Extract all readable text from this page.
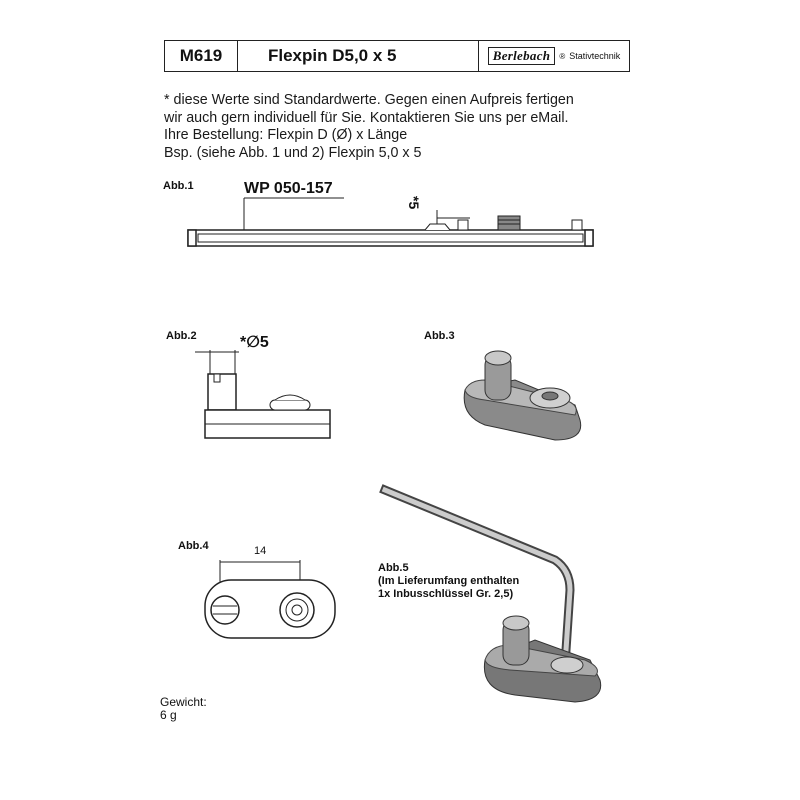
M619	Flexpin D5,0 x 5	Berlebach	® Stativtechnik
* diese Werte sind Standardwerte. Gegen einen Aufpreis fertigen
wir auch gern individuell für Sie. Kontaktieren Sie uns per eMail.
Ihre Bestellung: Flexpin D (Ø) x Länge
Bsp. (siehe Abb. 1 und 2) Flexpin 5,0 x 5
Abb.1	WP 050-157
*5
Abb.2	*∅5	Abb.3
Abb.4	14
Abb.5
(Im Lieferumfang enthalten
1x Inbusschlüssel Gr. 2,5)
Gewicht:
6 g
